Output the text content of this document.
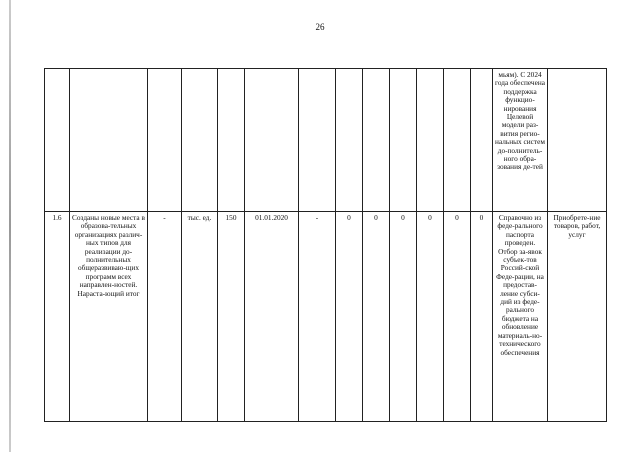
26
													мьям). С 2024 года обеспечена поддержка функцио-нирования Целевой модели раз-вития регио-нальных систем до-полнитель-ного обра-зования де-тей	
1.6	Созданы новые места в образова-тельных организациях различ-ных типов для реализации до-полнительных общеразвиваю-щих программ всех направлен-ностей. Нараста-ющий итог	-	тыс. ед.	150	01.01.2020	-	0	0	0	0	0	0	Справочно из феде-рального паспорта проведен. Отбор за-явок субъек-тов Россий-ской Феде-рации, на предостав-ление субси-дий из феде-рального бюджета на обновление материаль-но-технического обеспечения	Приобрете-ние товаров, работ, услуг
